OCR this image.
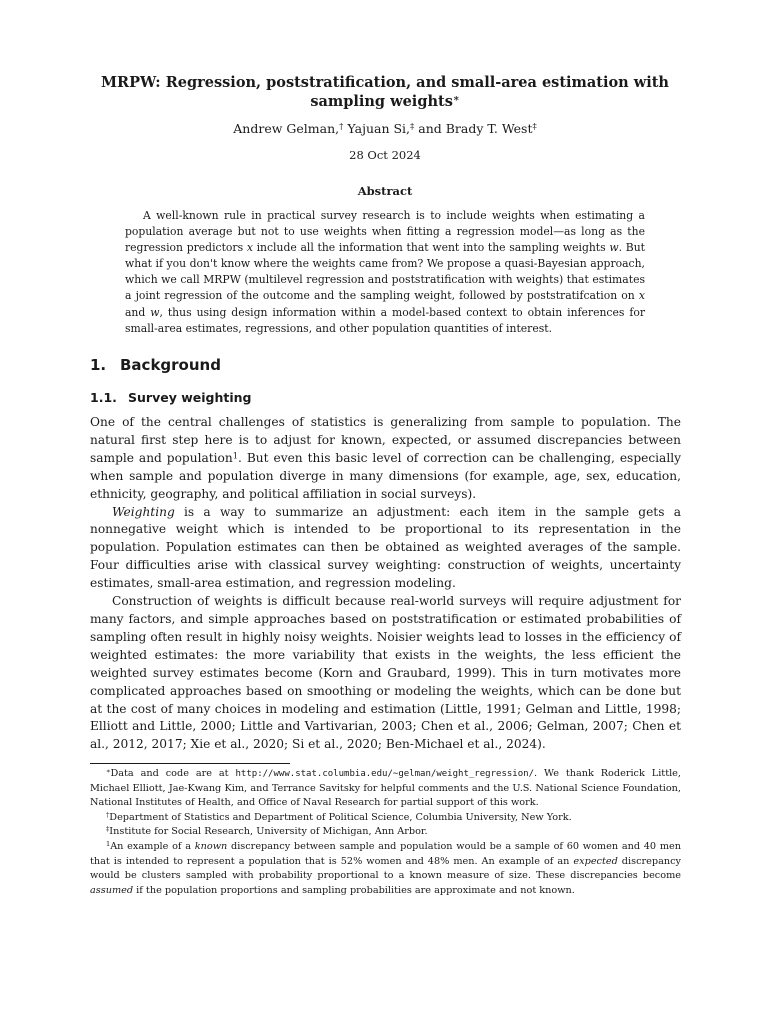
MRPW: Regression, poststratification, and small-area estimation with
sampling weights∗
Andrew Gelman,† Yajuan Si,‡ and Brady T. West‡
28 Oct 2024
Abstract
A well-known rule in practical survey research is to include weights when estimating a population average but not to use weights when fitting a regression model—as long as the regression predictors x include all the information that went into the sampling weights w. But what if you don't know where the weights came from? We propose a quasi-Bayesian approach, which we call MRPW (multilevel regression and poststratification with weights) that estimates a joint regression of the outcome and the sampling weight, followed by poststratifcation on x and w, thus using design information within a model-based context to obtain inferences for small-area estimates, regressions, and other population quantities of interest.
1. Background
1.1. Survey weighting

One of the central challenges of statistics is generalizing from sample to population. The natural first step here is to adjust for known, expected, or assumed discrepancies between sample and population$^1$. But even this basic level of correction can be challenging, especially when sample and population diverge in many dimensions (for example, age, sex, education, ethnicity, geography, and political affiliation in social surveys).

Weighting is a way to summarize an adjustment: each item in the sample gets a nonnegative weight which is intended to be proportional to its representation in the population. Population estimates can then be obtained as weighted averages of the sample. Four difficulties arise with classical survey weighting: construction of weights, uncertainty estimates, small-area estimation, and regression modeling.

Construction of weights is difficult because real-world surveys will require adjustment for many factors, and simple approaches based on poststratification or estimated probabilities of sampling often result in highly noisy weights. Noisier weights lead to losses in the efficiency of weighted estimates: the more variability that exists in the weights, the less efficient the weighted survey estimates become (Korn and Graubard, 1999). This in turn motivates more complicated approaches based on smoothing or modeling the weights, which can be done but at the cost of many choices in modeling and estimation (Little, 1991; Gelman and Little, 1998; Elliott and Little, 2000; Little and Vartivarian, 2003; Chen et al., 2006; Gelman, 2007; Chen et al., 2012, 2017; Xie et al., 2020; Si et al., 2020; Ben-Michael et al., 2024).

∗Data and code are at http://www.stat.columbia.edu/∼gelman/weight_regression/. We thank Roderick Little, Michael Elliott, Jae-Kwang Kim, and Terrance Savitsky for helpful comments and the U.S. National Science Foundation, National Institutes of Health, and Office of Naval Research for partial support of this work.

†Department of Statistics and Department of Political Science, Columbia University, New York.

‡Institute for Social Research, University of Michigan, Ann Arbor.

$^1$An example of a known discrepancy between sample and population would be a sample of 60 women and 40 men that is intended to represent a population that is 52% women and 48% men. An example of an expected discrepancy would be clusters sampled with probability proportional to a known measure of size. These discrepancies become assumed if the population proportions and sampling probabilities are approximate and not known.
